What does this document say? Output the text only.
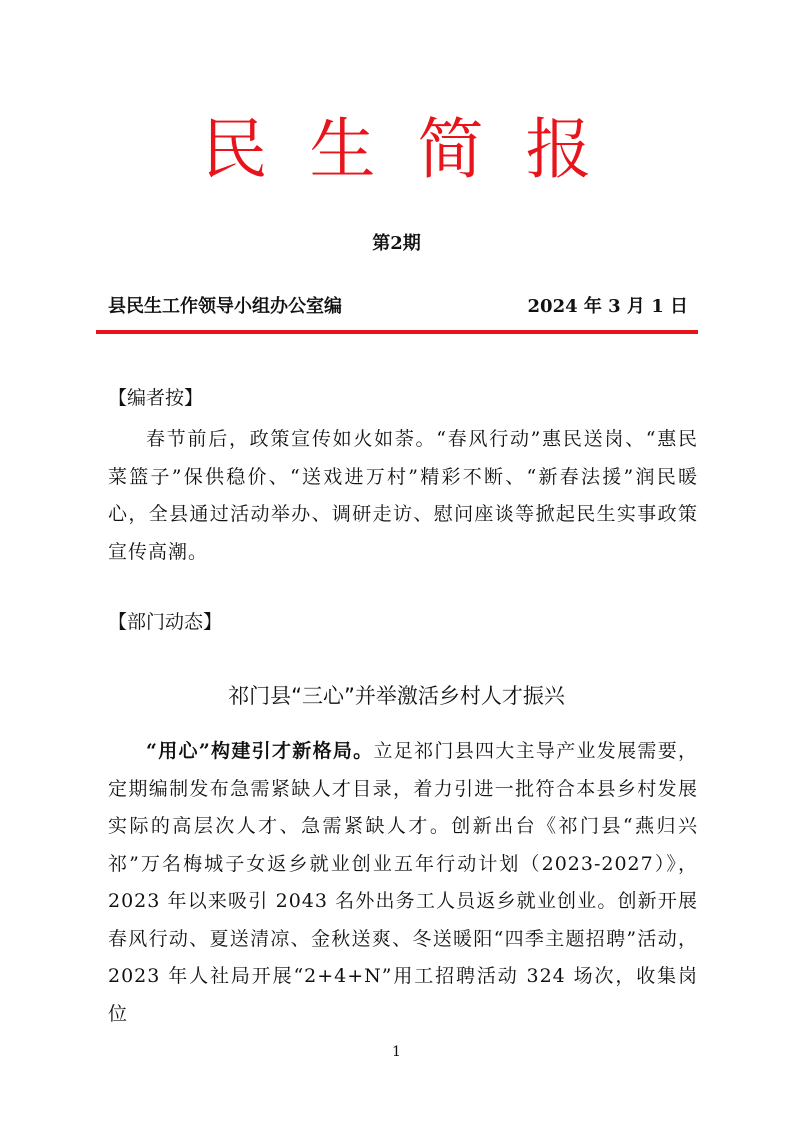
民生简报
第2期
县民生工作领导小组办公室编	2024 年 3 月 1 日
【编者按】

春节前后，政策宣传如火如荼。“春风行动”惠民送岗、“惠民菜篮子”保供稳价、“送戏进万村”精彩不断、“新春法援”润民暖心，全县通过活动举办、调研走访、慰问座谈等掀起民生实事政策宣传高潮。

【部门动态】
祁门县“三心”并举激活乡村人才振兴

“用心”构建引才新格局。立足祁门县四大主导产业发展需要，定期编制发布急需紧缺人才目录，着力引进一批符合本县乡村发展实际的高层次人才、急需紧缺人才。创新出台《祁门县“燕归兴祁”万名梅城子女返乡就业创业五年行动计划（2023-2027）》，2023 年以来吸引 2043 名外出务工人员返乡就业创业。创新开展春风行动、夏送清凉、金秋送爽、冬送暖阳“四季主题招聘”活动，2023 年人社局开展“2+4+N”用工招聘活动 324 场次，收集岗位

1
